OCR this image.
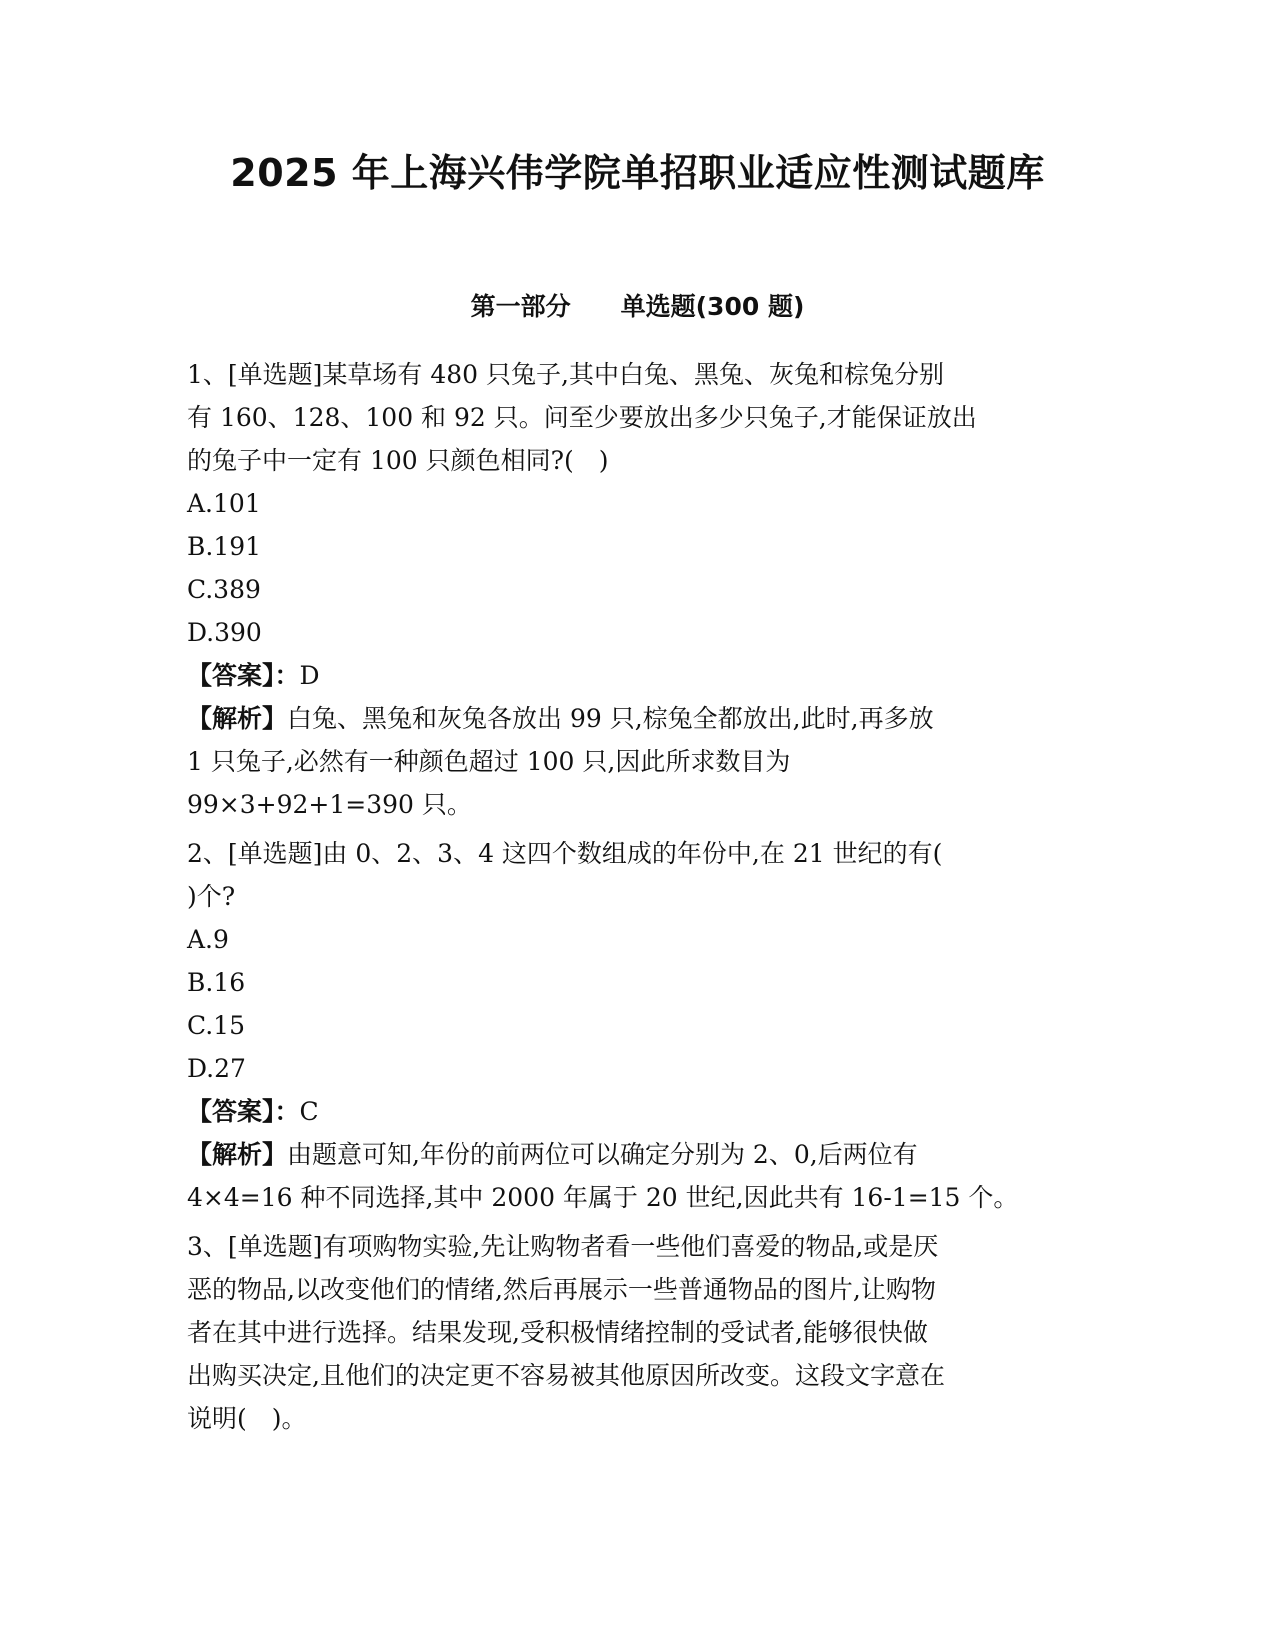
2025 年上海兴伟学院单招职业适应性测试题库
第一部分　　单选题(300 题)
1、[单选题]某草场有 480 只兔子,其中白兔、黑兔、灰兔和棕兔分别
有 160、128、100 和 92 只。问至少要放出多少只兔子,才能保证放出
的兔子中一定有 100 只颜色相同?(　)
A.101
B.191
C.389
D.390
【答案】：D
【解析】白兔、黑兔和灰兔各放出 99 只,棕兔全都放出,此时,再多放
1 只兔子,必然有一种颜色超过 100 只,因此所求数目为
99×3+92+1=390 只。
2、[单选题]由 0、2、3、4 这四个数组成的年份中,在 21 世纪的有(
)个?
A.9
B.16
C.15
D.27
【答案】：C
【解析】由题意可知,年份的前两位可以确定分别为 2、0,后两位有
4×4=16 种不同选择,其中 2000 年属于 20 世纪,因此共有 16-1=15 个。
3、[单选题]有项购物实验,先让购物者看一些他们喜爱的物品,或是厌
恶的物品,以改变他们的情绪,然后再展示一些普通物品的图片,让购物
者在其中进行选择。结果发现,受积极情绪控制的受试者,能够很快做
出购买决定,且他们的决定更不容易被其他原因所改变。这段文字意在
说明(　)。
